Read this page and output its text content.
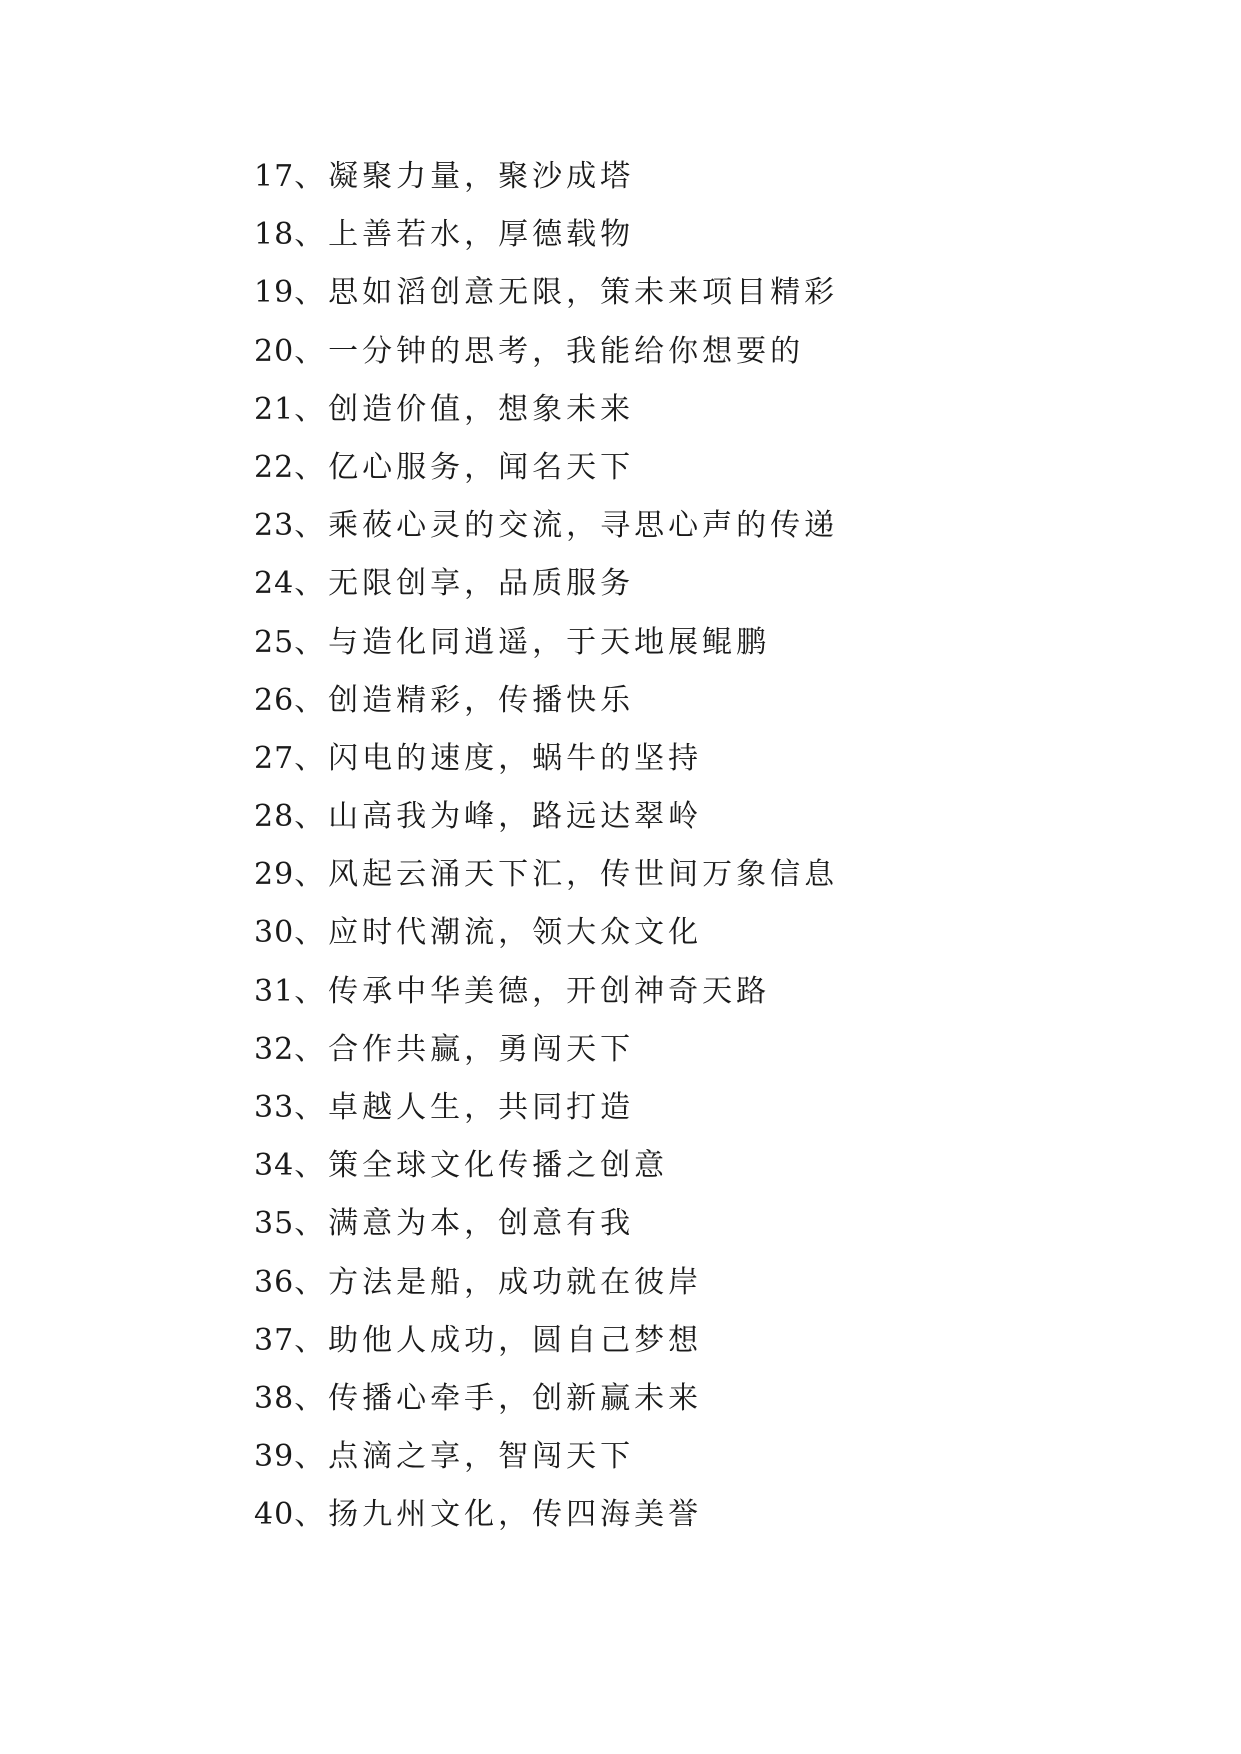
17、凝聚力量，聚沙成塔
18、上善若水，厚德载物
19、思如滔创意无限，策未来项目精彩
20、一分钟的思考，我能给你想要的
21、创造价值，想象未来
22、亿心服务，闻名天下
23、乘莜心灵的交流，寻思心声的传递
24、无限创享，品质服务
25、与造化同逍遥，于天地展鲲鹏
26、创造精彩，传播快乐
27、闪电的速度，蜗牛的坚持
28、山高我为峰，路远达翠岭
29、风起云涌天下汇，传世间万象信息
30、应时代潮流，领大众文化
31、传承中华美德，开创神奇天路
32、合作共赢，勇闯天下
33、卓越人生，共同打造
34、策全球文化传播之创意
35、满意为本，创意有我
36、方法是船，成功就在彼岸
37、助他人成功，圆自己梦想
38、传播心牵手，创新赢未来
39、点滴之享，智闯天下
40、扬九州文化，传四海美誉
